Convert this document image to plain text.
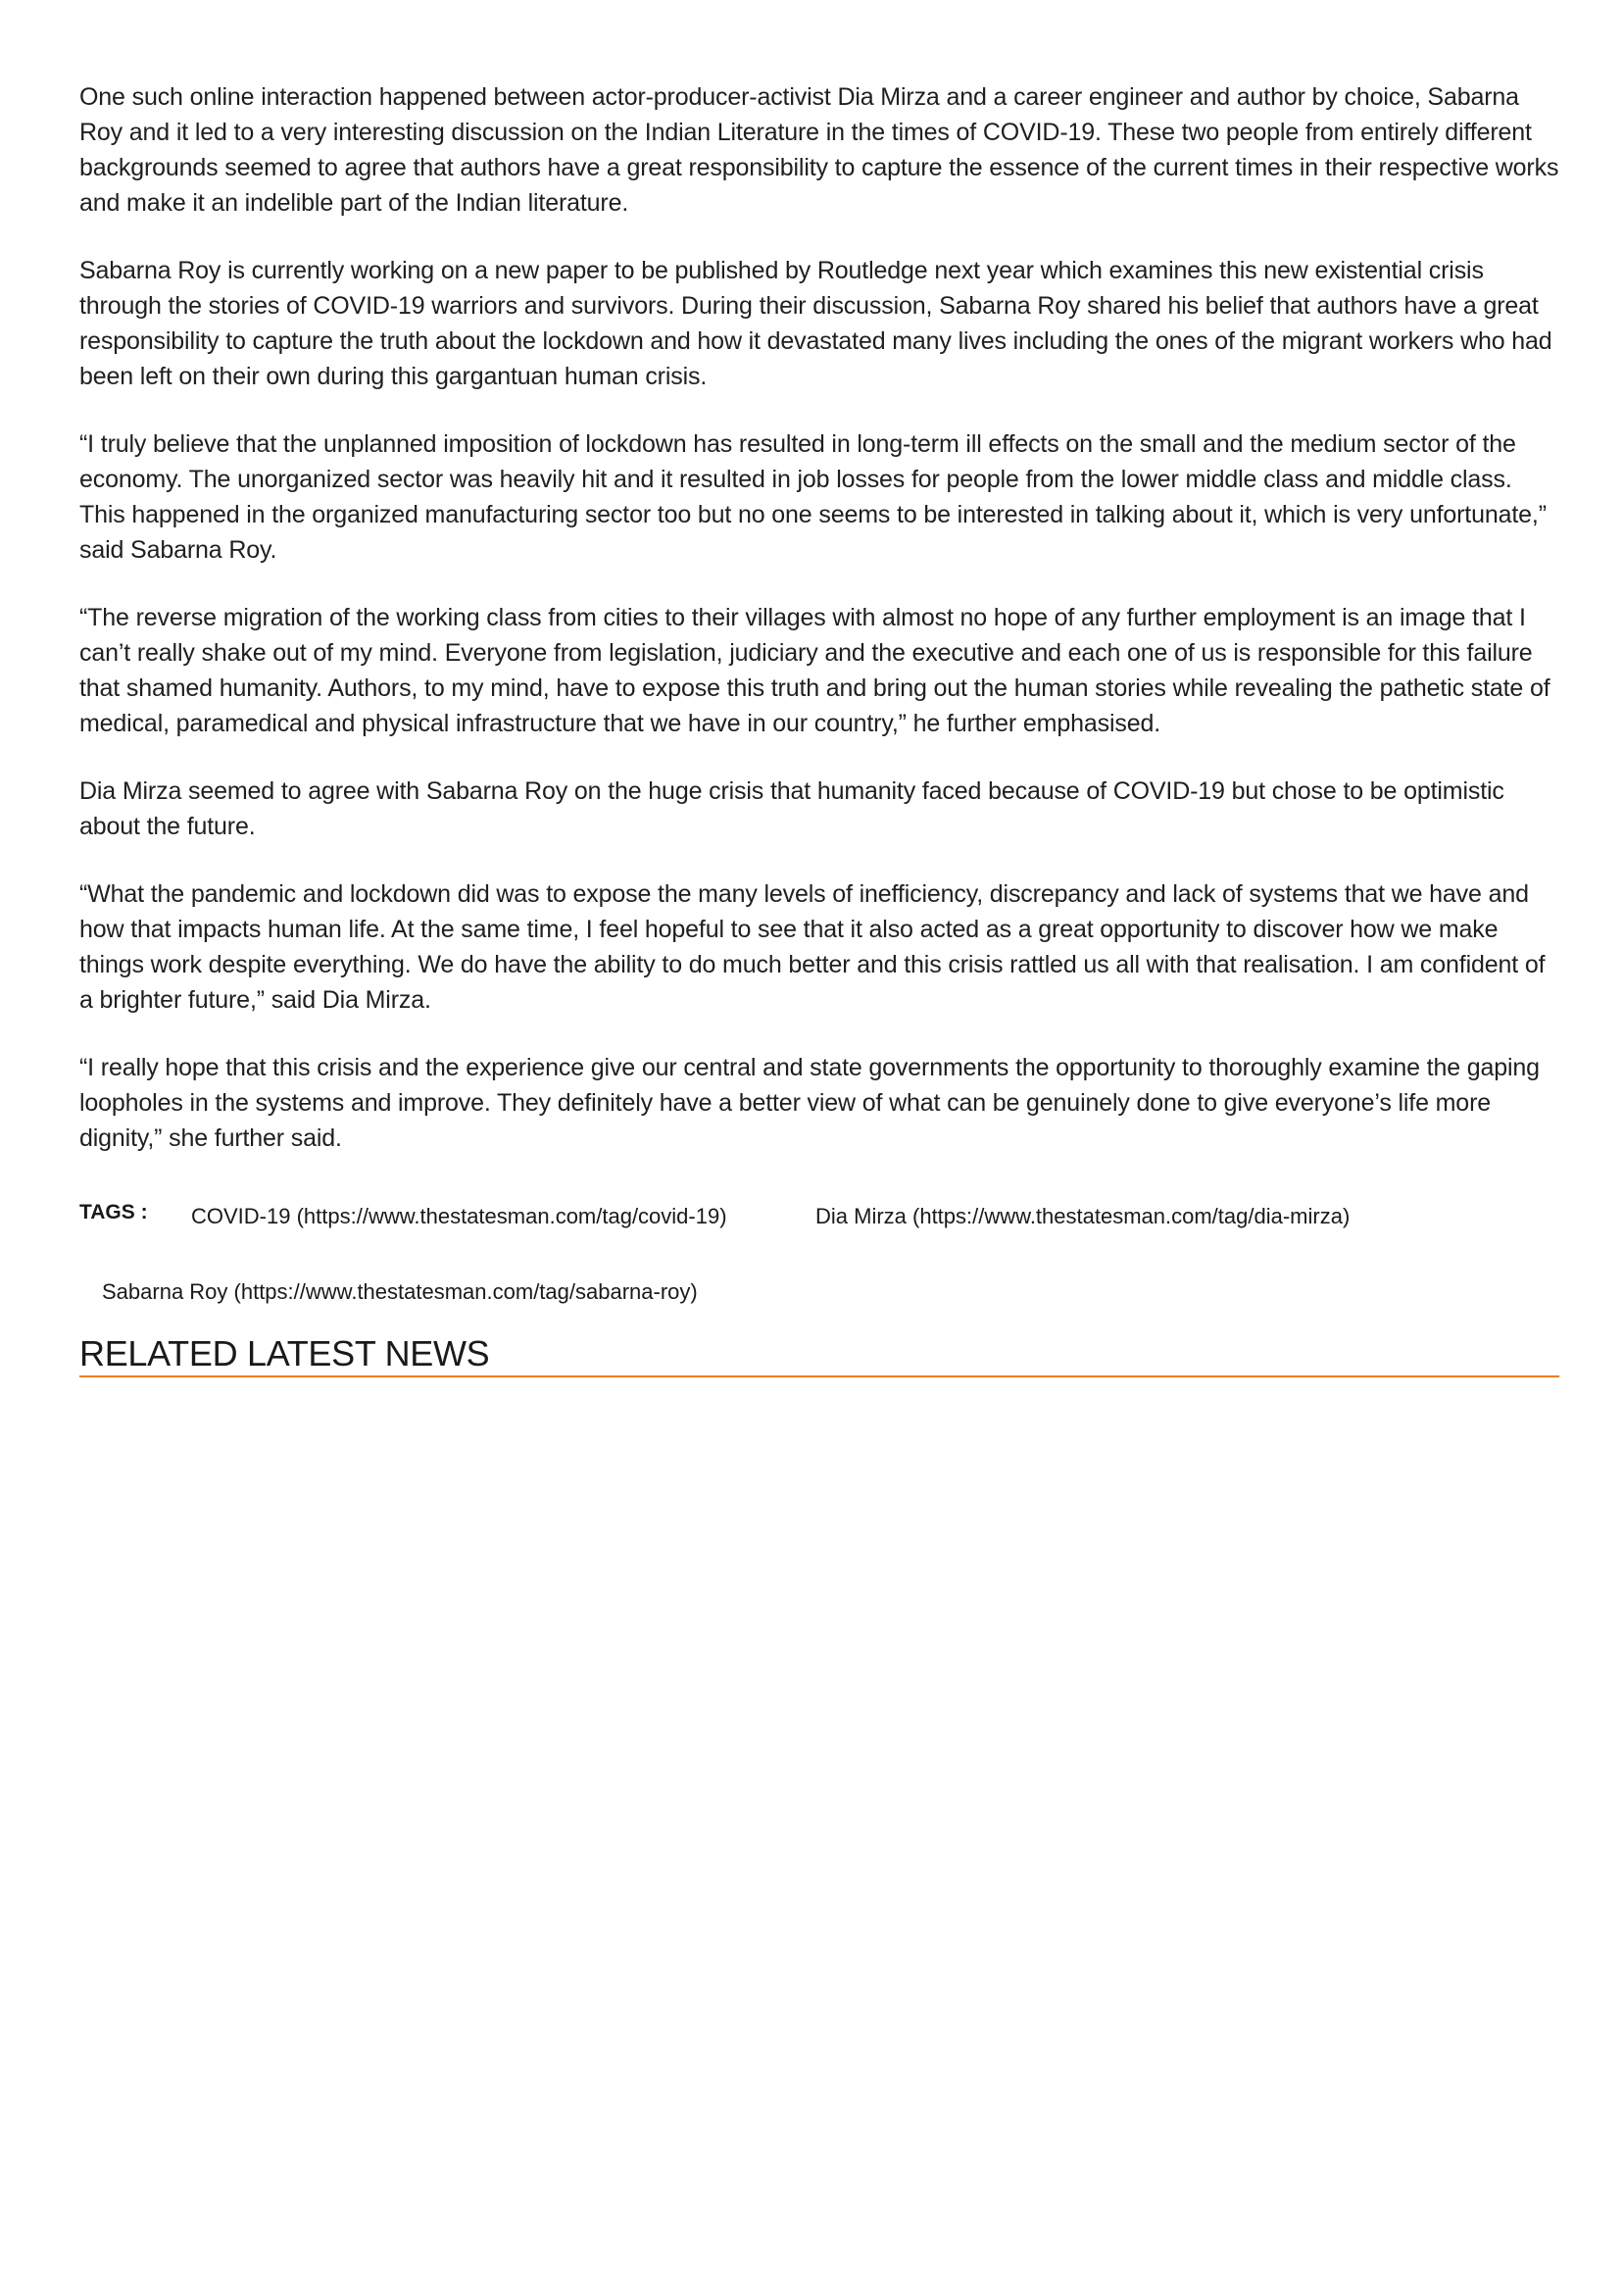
One such online interaction happened between actor-producer-activist Dia Mirza and a career engineer and author by choice, Sabarna Roy and it led to a very interesting discussion on the Indian Literature in the times of COVID-19. These two people from entirely different backgrounds seemed to agree that authors have a great responsibility to capture the essence of the current times in their respective works and make it an indelible part of the Indian literature.

Sabarna Roy is currently working on a new paper to be published by Routledge next year which examines this new existential crisis through the stories of COVID-19 warriors and survivors. During their discussion, Sabarna Roy shared his belief that authors have a great responsibility to capture the truth about the lockdown and how it devastated many lives including the ones of the migrant workers who had been left on their own during this gargantuan human crisis.

“I truly believe that the unplanned imposition of lockdown has resulted in long-term ill effects on the small and the medium sector of the economy. The unorganized sector was heavily hit and it resulted in job losses for people from the lower middle class and middle class. This happened in the organized manufacturing sector too but no one seems to be interested in talking about it, which is very unfortunate,” said Sabarna Roy.

“The reverse migration of the working class from cities to their villages with almost no hope of any further employment is an image that I can’t really shake out of my mind. Everyone from legislation, judiciary and the executive and each one of us is responsible for this failure that shamed humanity. Authors, to my mind, have to expose this truth and bring out the human stories while revealing the pathetic state of medical, paramedical and physical infrastructure that we have in our country,” he further emphasised.

Dia Mirza seemed to agree with Sabarna Roy on the huge crisis that humanity faced because of COVID-19 but chose to be optimistic about the future.

“What the pandemic and lockdown did was to expose the many levels of inefficiency, discrepancy and lack of systems that we have and how that impacts human life. At the same time, I feel hopeful to see that it also acted as a great opportunity to discover how we make things work despite everything. We do have the ability to do much better and this crisis rattled us all with that realisation. I am confident of a brighter future,” said Dia Mirza.

“I really hope that this crisis and the experience give our central and state governments the opportunity to thoroughly examine the gaping loopholes in the systems and improve. They definitely have a better view of what can be genuinely done to give everyone’s life more dignity,” she further said.

TAGS : COVID-19 (https://www.thestatesman.com/tag/covid-19)	Dia Mirza (https://www.thestatesman.com/tag/dia-mirza)
Sabarna Roy (https://www.thestatesman.com/tag/sabarna-roy)
RELATED LATEST NEWS
